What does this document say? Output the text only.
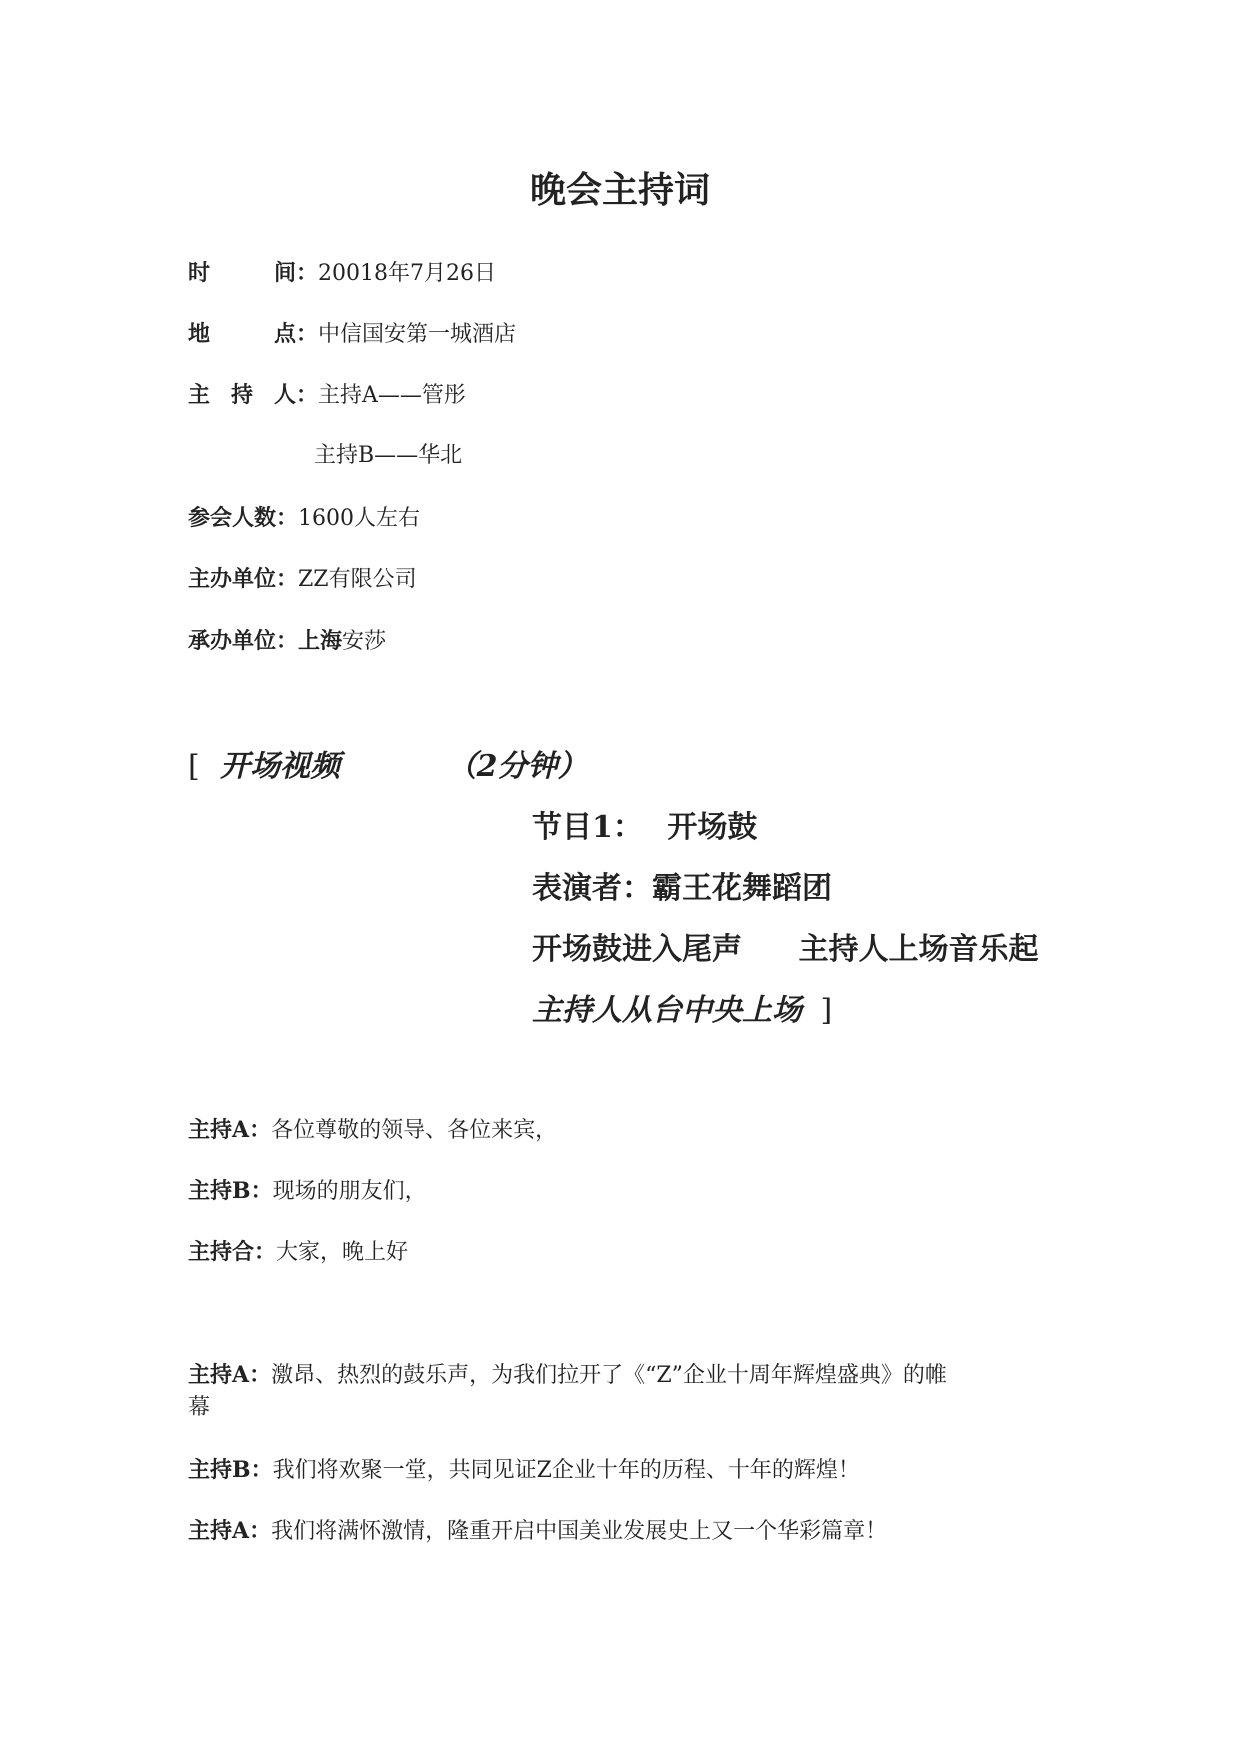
晚会主持词
时间：20018年7月26日
地点：中信国安第一城酒店
主持人：主持A——管彤
主持B——华北
参会人数：1600人左右
主办单位：ZZ有限公司
承办单位：上海安莎
[ 开场视频	（2分钟）
节目1： 开场鼓
表演者：霸王花舞蹈团
开场鼓进入尾声 主持人上场音乐起
主持人从台中央上场 ]
主持A：各位尊敬的领导、各位来宾，
主持B：现场的朋友们，
主持合：大家，晚上好
主持A：激昂、热烈的鼓乐声，为我们拉开了《“Z”企业十周年辉煌盛典》的帷
幕
主持B：我们将欢聚一堂，共同见证Z企业十年的历程、十年的辉煌！
主持A：我们将满怀激情，隆重开启中国美业发展史上又一个华彩篇章！
